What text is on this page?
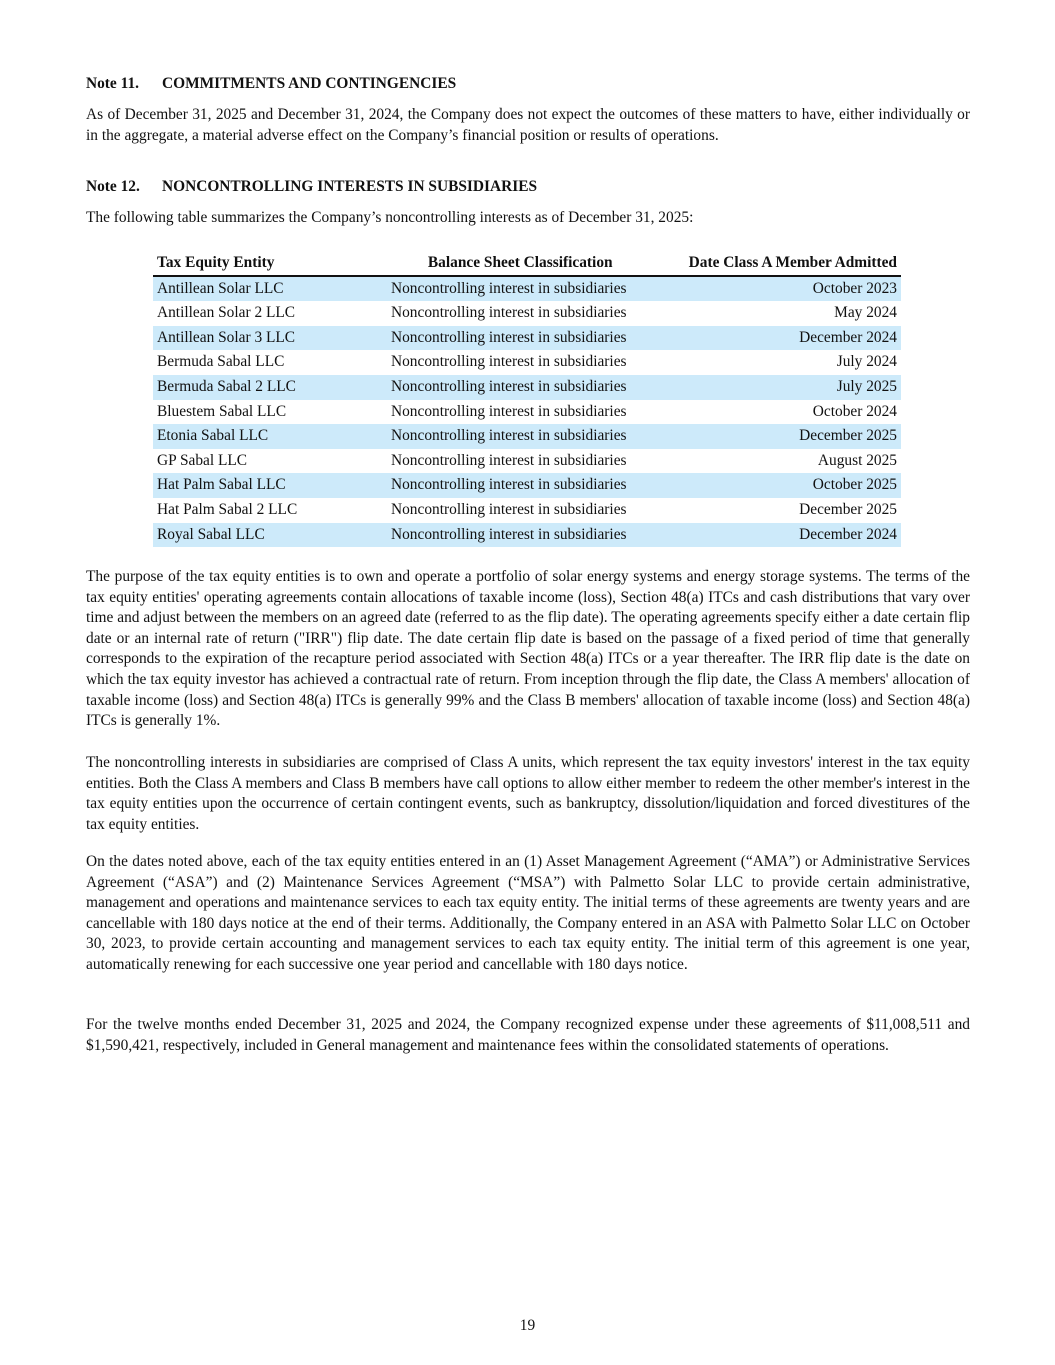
Note 11. COMMITMENTS AND CONTINGENCIES

As of December 31, 2025 and December 31, 2024, the Company does not expect the outcomes of these matters to have, either individually or in the aggregate, a material adverse effect on the Company’s financial position or results of operations.

Note 12. NONCONTROLLING INTERESTS IN SUBSIDIARIES

The following table summarizes the Company’s noncontrolling interests as of December 31, 2025:

Tax Equity Entity	Balance Sheet Classification	Date Class A Member Admitted
Antillean Solar LLC	Noncontrolling interest in subsidiaries	October 2023
Antillean Solar 2 LLC	Noncontrolling interest in subsidiaries	May 2024
Antillean Solar 3 LLC	Noncontrolling interest in subsidiaries	December 2024
Bermuda Sabal LLC	Noncontrolling interest in subsidiaries	July 2024
Bermuda Sabal 2 LLC	Noncontrolling interest in subsidiaries	July 2025
Bluestem Sabal LLC	Noncontrolling interest in subsidiaries	October 2024
Etonia Sabal LLC	Noncontrolling interest in subsidiaries	December 2025
GP Sabal LLC	Noncontrolling interest in subsidiaries	August 2025
Hat Palm Sabal LLC	Noncontrolling interest in subsidiaries	October 2025
Hat Palm Sabal 2 LLC	Noncontrolling interest in subsidiaries	December 2025
Royal Sabal LLC	Noncontrolling interest in subsidiaries	December 2024

The purpose of the tax equity entities is to own and operate a portfolio of solar energy systems and energy storage systems. The terms of the tax equity entities' operating agreements contain allocations of taxable income (loss), Section 48(a) ITCs and cash distributions that vary over time and adjust between the members on an agreed date (referred to as the flip date). The operating agreements specify either a date certain flip date or an internal rate of return ("IRR") flip date. The date certain flip date is based on the passage of a fixed period of time that generally corresponds to the expiration of the recapture period associated with Section 48(a) ITCs or a year thereafter. The IRR flip date is the date on which the tax equity investor has achieved a contractual rate of return. From inception through the flip date, the Class A members' allocation of taxable income (loss) and Section 48(a) ITCs is generally 99% and the Class B members' allocation of taxable income (loss) and Section 48(a) ITCs is generally 1%.

The noncontrolling interests in subsidiaries are comprised of Class A units, which represent the tax equity investors' interest in the tax equity entities. Both the Class A members and Class B members have call options to allow either member to redeem the other member's interest in the tax equity entities upon the occurrence of certain contingent events, such as bankruptcy, dissolution/liquidation and forced divestitures of the tax equity entities.

On the dates noted above, each of the tax equity entities entered in an (1) Asset Management Agreement (“AMA”) or Administrative Services Agreement (“ASA”) and (2) Maintenance Services Agreement (“MSA”) with Palmetto Solar LLC to provide certain administrative, management and operations and maintenance services to each tax equity entity. The initial terms of these agreements are twenty years and are cancellable with 180 days notice at the end of their terms. Additionally, the Company entered in an ASA with Palmetto Solar LLC on October 30, 2023, to provide certain accounting and management services to each tax equity entity. The initial term of this agreement is one year, automatically renewing for each successive one year period and cancellable with 180 days notice.

For the twelve months ended December 31, 2025 and 2024, the Company recognized expense under these agreements of $11,008,511 and $1,590,421, respectively, included in General management and maintenance fees within the consolidated statements of operations.

19
